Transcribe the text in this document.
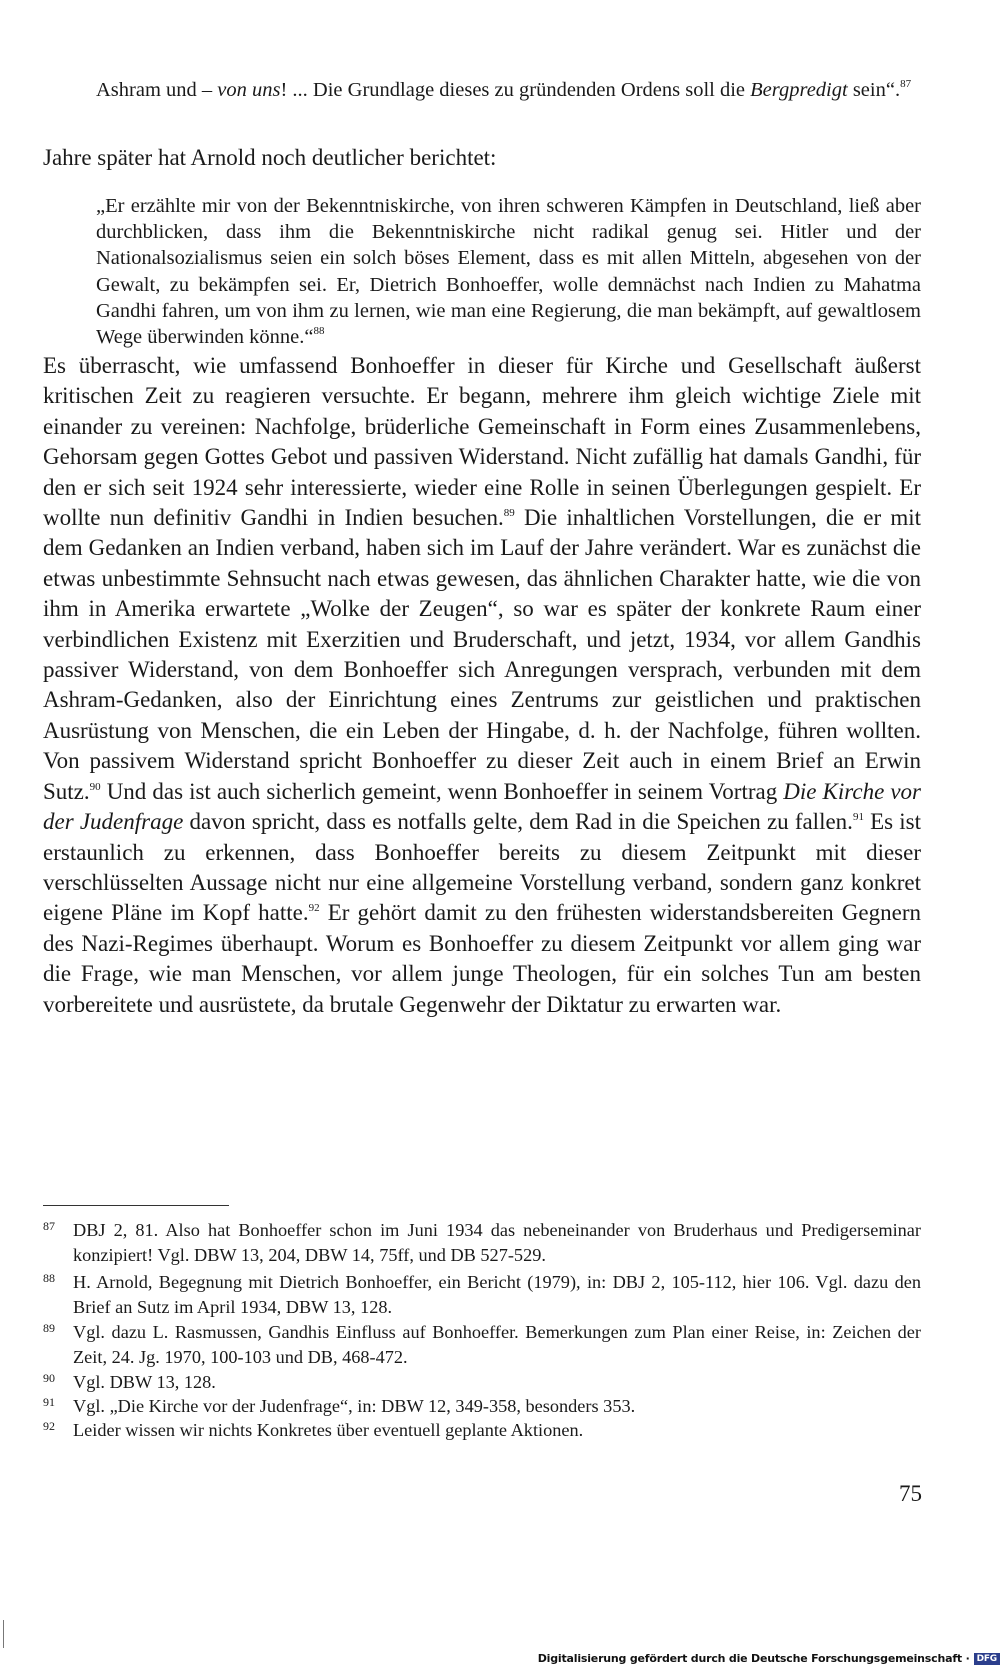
Ashram und – von uns! ... Die Grundlage dieses zu gründenden Ordens soll die Bergpredigt sein“.$^{87}$

Jahre später hat Arnold noch deutlicher berichtet:

„Er erzählte mir von der Bekenntniskirche, von ihren schweren Kämpfen in Deutschland, ließ aber durchblicken, dass ihm die Bekenntniskirche nicht radikal genug sei. Hitler und der Nationalsozialismus seien ein solch böses Element, dass es mit allen Mitteln, abgesehen von der Gewalt, zu bekämpfen sei. Er, Dietrich Bonhoeffer, wolle demnächst nach Indien zu Mahatma Gandhi fahren, um von ihm zu lernen, wie man eine Regierung, die man bekämpft, auf gewaltlosem Wege überwinden könne.“$^{88}$

Es überrascht, wie umfassend Bonhoeffer in dieser für Kirche und Gesellschaft äußerst kritischen Zeit zu reagieren versuchte. Er begann, mehrere ihm gleich wichtige Ziele mit einander zu vereinen: Nachfolge, brüderliche Gemeinschaft in Form eines Zusammenlebens, Gehorsam gegen Gottes Gebot und passiven Widerstand. Nicht zufällig hat damals Gandhi, für den er sich seit 1924 sehr interessierte, wieder eine Rolle in seinen Überlegungen gespielt. Er wollte nun definitiv Gandhi in Indien besuchen.$^{89}$ Die inhaltlichen Vorstellungen, die er mit dem Gedanken an Indien verband, haben sich im Lauf der Jahre verändert. War es zunächst die etwas unbestimmte Sehnsucht nach etwas gewesen, das ähnlichen Charakter hatte, wie die von ihm in Amerika erwartete „Wolke der Zeugen“, so war es später der konkrete Raum einer verbindlichen Existenz mit Exerzitien und Bruderschaft, und jetzt, 1934, vor allem Gandhis passiver Widerstand, von dem Bonhoeffer sich Anregungen versprach, verbunden mit dem Ashram-Gedanken, also der Einrichtung eines Zentrums zur geistlichen und praktischen Ausrüstung von Menschen, die ein Leben der Hingabe, d. h. der Nachfolge, führen wollten. Von passivem Widerstand spricht Bonhoeffer zu dieser Zeit auch in einem Brief an Erwin Sutz.$^{90}$ Und das ist auch sicherlich gemeint, wenn Bonhoeffer in seinem Vortrag Die Kirche vor der Judenfrage davon spricht, dass es notfalls gelte, dem Rad in die Speichen zu fallen.$^{91}$ Es ist erstaunlich zu erkennen, dass Bonhoeffer bereits zu diesem Zeitpunkt mit dieser verschlüsselten Aussage nicht nur eine allgemeine Vorstellung verband, sondern ganz konkret eigene Pläne im Kopf hatte.$^{92}$ Er gehört damit zu den frühesten widerstandsbereiten Gegnern des Nazi-Regimes überhaupt. Worum es Bonhoeffer zu diesem Zeitpunkt vor allem ging war die Frage, wie man Menschen, vor allem junge Theologen, für ein solches Tun am besten vorbereitete und ausrüstete, da brutale Gegenwehr der Diktatur zu erwarten war.

87 DBJ 2, 81. Also hat Bonhoeffer schon im Juni 1934 das nebeneinander von Bruderhaus und Predigerseminar konzipiert! Vgl. DBW 13, 204, DBW 14, 75ff, und DB 527-529.

88 H. Arnold, Begegnung mit Dietrich Bonhoeffer, ein Bericht (1979), in: DBJ 2, 105-112, hier 106. Vgl. dazu den Brief an Sutz im April 1934, DBW 13, 128.

89 Vgl. dazu L. Rasmussen, Gandhis Einfluss auf Bonhoeffer. Bemerkungen zum Plan einer Reise, in: Zeichen der Zeit, 24. Jg. 1970, 100-103 und DB, 468-472.

90 Vgl. DBW 13, 128.

91 Vgl. „Die Kirche vor der Judenfrage“, in: DBW 12, 349-358, besonders 353.

92 Leider wissen wir nichts Konkretes über eventuell geplante Aktionen.

75
Digitalisierung gefördert durch die Deutsche Forschungsgemeinschaft · DFG
